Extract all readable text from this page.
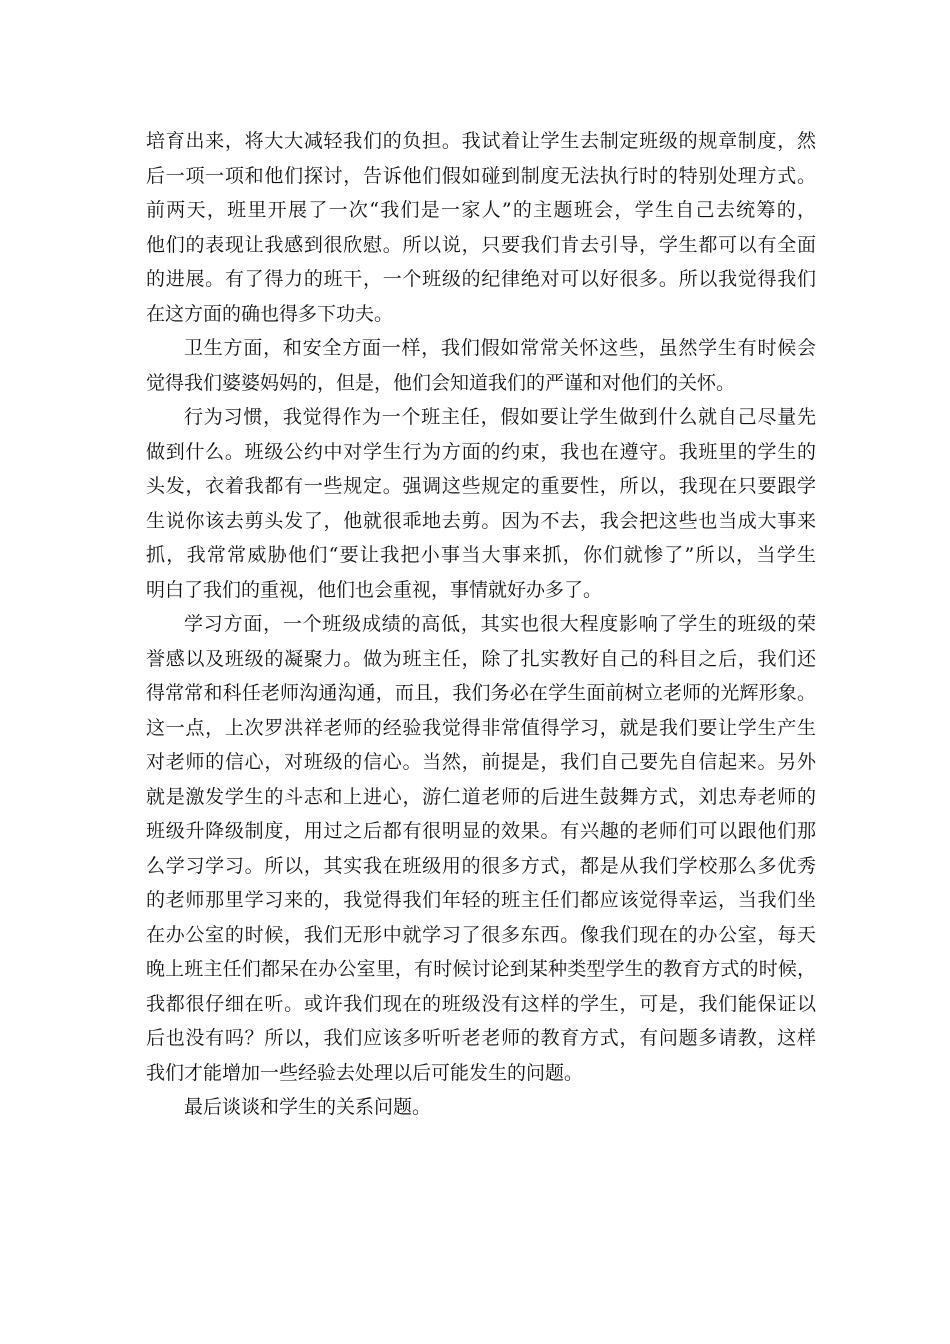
培育出来，将大大减轻我们的负担。我试着让学生去制定班级的规章制度，然
后一项一项和他们探讨，告诉他们假如碰到制度无法执行时的特别处理方式。
前两天，班里开展了一次“我们是一家人”的主题班会，学生自己去统筹的，
他们的表现让我感到很欣慰。所以说，只要我们肯去引导，学生都可以有全面
的进展。有了得力的班干，一个班级的纪律绝对可以好很多。所以我觉得我们
在这方面的确也得多下功夫。
卫生方面，和安全方面一样，我们假如常常关怀这些，虽然学生有时候会
觉得我们婆婆妈妈的，但是，他们会知道我们的严谨和对他们的关怀。
行为习惯，我觉得作为一个班主任，假如要让学生做到什么就自己尽量先
做到什么。班级公约中对学生行为方面的约束，我也在遵守。我班里的学生的
头发，衣着我都有一些规定。强调这些规定的重要性，所以，我现在只要跟学
生说你该去剪头发了，他就很乖地去剪。因为不去，我会把这些也当成大事来
抓，我常常威胁他们“要让我把小事当大事来抓，你们就惨了”所以，当学生
明白了我们的重视，他们也会重视，事情就好办多了。
学习方面，一个班级成绩的高低，其实也很大程度影响了学生的班级的荣
誉感以及班级的凝聚力。做为班主任，除了扎实教好自己的科目之后，我们还
得常常和科任老师沟通沟通，而且，我们务必在学生面前树立老师的光辉形象。
这一点，上次罗洪祥老师的经验我觉得非常值得学习，就是我们要让学生产生
对老师的信心，对班级的信心。当然，前提是，我们自己要先自信起来。另外
就是激发学生的斗志和上进心，游仁道老师的后进生鼓舞方式，刘忠寿老师的
班级升降级制度，用过之后都有很明显的效果。有兴趣的老师们可以跟他们那
么学习学习。所以，其实我在班级用的很多方式，都是从我们学校那么多优秀
的老师那里学习来的，我觉得我们年轻的班主任们都应该觉得幸运，当我们坐
在办公室的时候，我们无形中就学习了很多东西。像我们现在的办公室，每天
晚上班主任们都呆在办公室里，有时候讨论到某种类型学生的教育方式的时候，
我都很仔细在听。或许我们现在的班级没有这样的学生，可是，我们能保证以
后也没有吗？所以，我们应该多听听老老师的教育方式，有问题多请教，这样
我们才能增加一些经验去处理以后可能发生的问题。
最后谈谈和学生的关系问题。
